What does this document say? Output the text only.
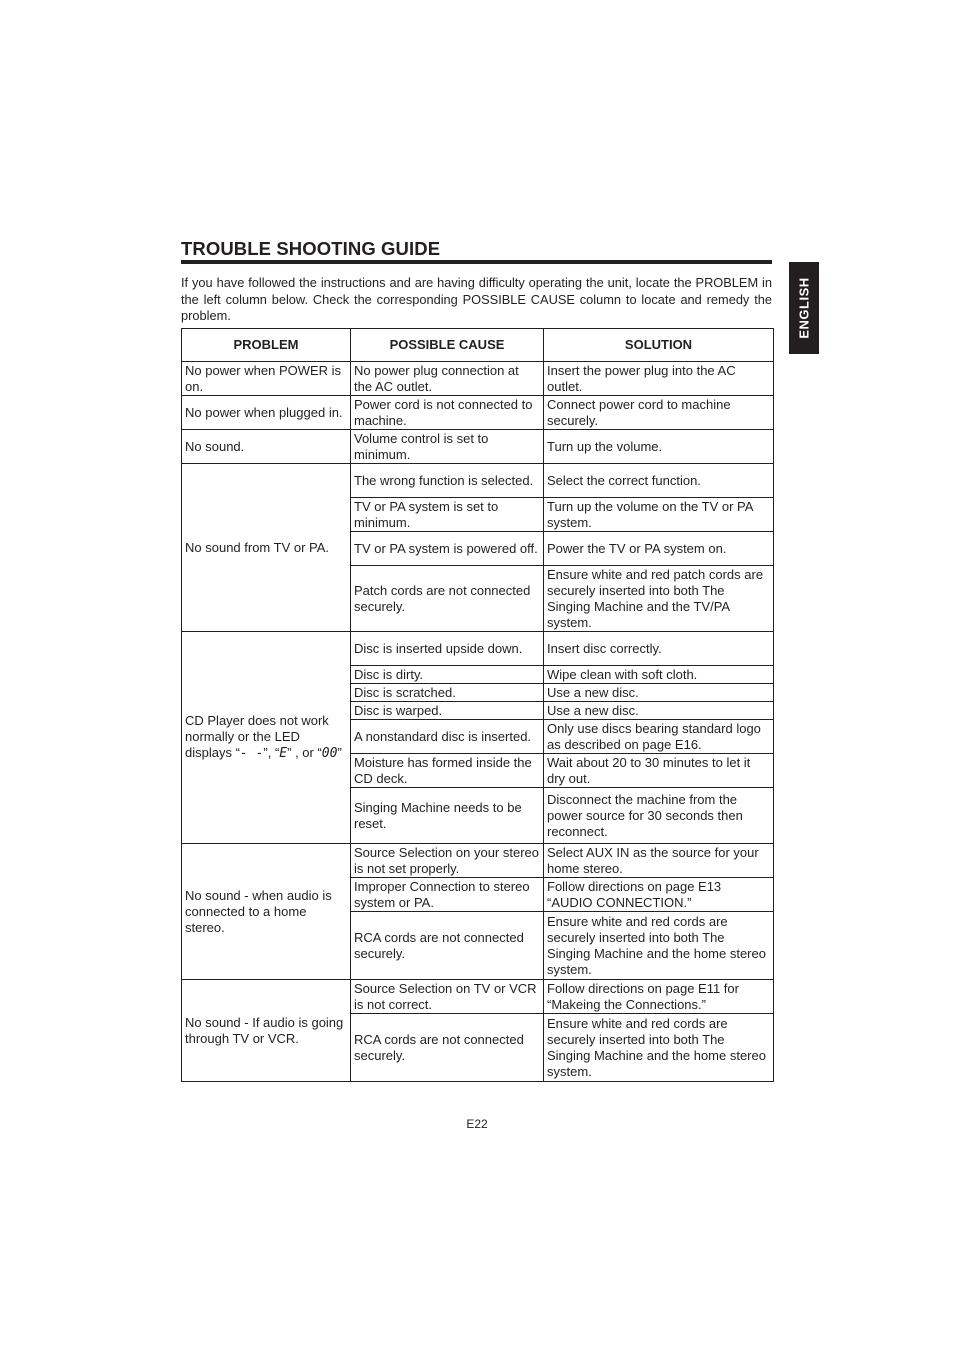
TROUBLE SHOOTING GUIDE
If you have followed the instructions and are having difficulty operating the unit, locate the PROBLEM in the left column below. Check the corresponding POSSIBLE CAUSE column to locate and remedy the problem.	ENGLISH
PROBLEM	POSSIBLE CAUSE	SOLUTION
No power when POWER is on.	No power plug connection at the AC outlet.	Insert the power plug into the AC outlet.
No power when plugged in.	Power cord is not connected to machine.	Connect power cord to machine securely.
No sound.	Volume control is set to minimum.	Turn up the volume.
No sound from TV or PA.	The wrong function is selected.	Select the correct function.
	TV or PA system is set to minimum.	Turn up the volume on the TV or PA system.
	TV or PA system is powered off.	Power the TV or PA system on.
	Patch cords are not connected securely.	Ensure white and red patch cords are securely inserted into both The Singing Machine and the TV/PA system.
CD Player does not work normally or the LED displays “- -”, “E” , or “00”	Disc is inserted upside down.	Insert disc correctly.
	Disc is dirty.	Wipe clean with soft cloth.
	Disc is scratched.	Use a new disc.
	Disc is warped.	Use a new disc.
	A nonstandard disc is inserted.	Only use discs bearing standard logo as described on page E16.
	Moisture has formed inside the CD deck.	Wait about 20 to 30 minutes to let it dry out.
	Singing Machine needs to be reset.	Disconnect the machine from the power source for 30 seconds then reconnect.
No sound - when audio is connected to a home stereo.	Source Selection on your stereo is not set properly.	Select AUX IN as the source for your home stereo.
	Improper Connection to stereo system or PA.	Follow directions on page E13 “AUDIO CONNECTION.”
	RCA cords are not connected securely.	Ensure white and red cords are securely inserted into both The Singing Machine and the home stereo system.
No sound - If audio is going through TV or VCR.	Source Selection on TV or VCR is not correct.	Follow directions on page E11 for “Makeing the Connections.”
	RCA cords are not connected securely.	Ensure white and red cords are securely inserted into both The Singing Machine and the home stereo system.
E22
